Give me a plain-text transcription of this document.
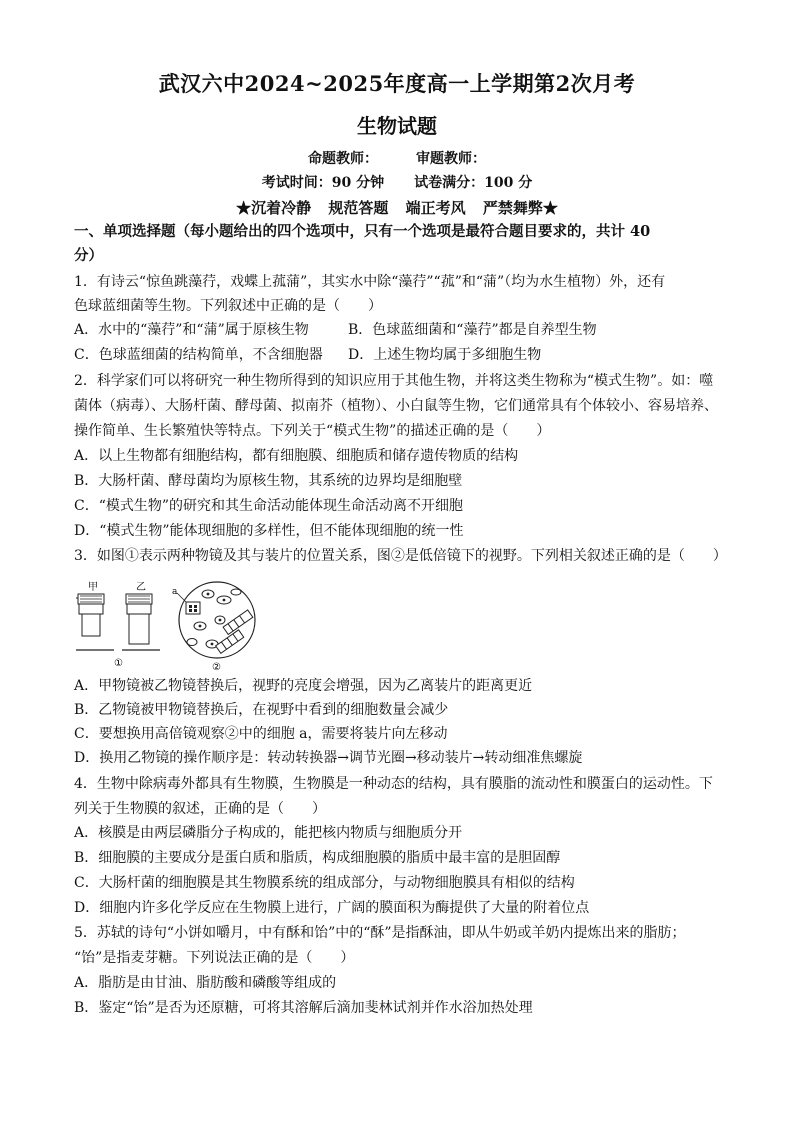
武汉六中2024~2025年度高一上学期第2次月考
生物试题
命题教师：	审题教师：
考试时间：90 分钟 试卷满分：100 分
★沉着冷静 规范答题 端正考风 严禁舞弊★
一、单项选择题（每小题给出的四个选项中，只有一个选项是最符合题目要求的，共计 40
分）
1．有诗云“惊鱼跳藻荇，戏蝶上菰蒲”，其实水中除“藻荇”“菰”和“蒲”（均为水生植物）外，还有
色球蓝细菌等生物。下列叙述中正确的是（　　）
A．水中的“藻荇”和“蒲”属于原核生物	B．色球蓝细菌和“藻荇”都是自养型生物
C．色球蓝细菌的结构简单，不含细胞器 D．上述生物均属于多细胞生物
2．科学家们可以将研究一种生物所得到的知识应用于其他生物，并将这类生物称为“模式生物”。如：噬
菌体（病毒）、大肠杆菌、酵母菌、拟南芥（植物）、小白鼠等生物，它们通常具有个体较小、容易培养、
操作简单、生长繁殖快等特点。下列关于“模式生物”的描述正确的是（　　）
A．以上生物都有细胞结构，都有细胞膜、细胞质和储存遗传物质的结构
B．大肠杆菌、酵母菌均为原核生物，其系统的边界均是细胞壁
C．“模式生物”的研究和其生命活动能体现生命活动离不开细胞
D．“模式生物”能体现细胞的多样性，但不能体现细胞的统一性
3．如图①表示两种物镜及其与装片的位置关系，图②是低倍镜下的视野。下列相关叙述正确的是（　　）
甲	乙
①
a
②
A．甲物镜被乙物镜替换后，视野的亮度会增强，因为乙离装片的距离更近
B．乙物镜被甲物镜替换后，在视野中看到的细胞数量会减少
C．要想换用高倍镜观察②中的细胞 a，需要将装片向左移动
D．换用乙物镜的操作顺序是：转动转换器→调节光圈→移动装片→转动细准焦螺旋
4．生物中除病毒外都具有生物膜，生物膜是一种动态的结构，具有膜脂的流动性和膜蛋白的运动性。下
列关于生物膜的叙述，正确的是（　　）
A．核膜是由两层磷脂分子构成的，能把核内物质与细胞质分开
B．细胞膜的主要成分是蛋白质和脂质，构成细胞膜的脂质中最丰富的是胆固醇
C．大肠杆菌的细胞膜是其生物膜系统的组成部分，与动物细胞膜具有相似的结构
D．细胞内许多化学反应在生物膜上进行，广阔的膜面积为酶提供了大量的附着位点
5．苏轼的诗句“小饼如嚼月，中有酥和饴”中的“酥”是指酥油，即从牛奶或羊奶内提炼出来的脂肪；
“饴”是指麦芽糖。下列说法正确的是（　　）
A．脂肪是由甘油、脂肪酸和磷酸等组成的
B．鉴定“饴”是否为还原糖，可将其溶解后滴加斐林试剂并作水浴加热处理
